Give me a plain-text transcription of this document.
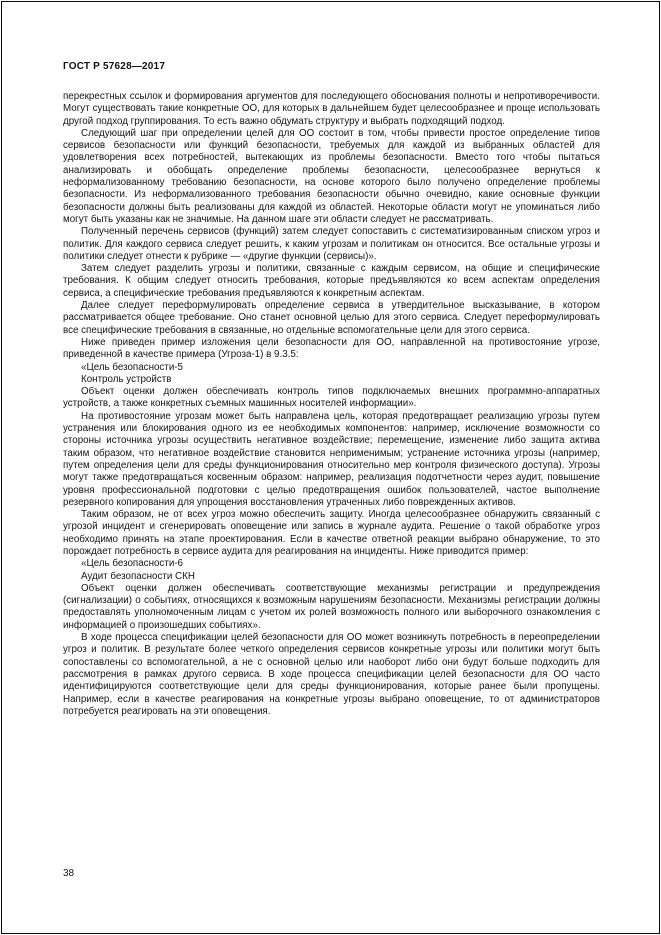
ГОСТ Р 57628—2017

перекрестных ссылок и формирования аргументов для последующего обоснования полноты и непротиворечивости. Могут существовать такие конкретные ОО, для которых в дальнейшем будет целесообразнее и проще использовать другой подход группирования. То есть важно обдумать структуру и выбрать подходящий подход.

Следующий шаг при определении целей для ОО состоит в том, чтобы привести простое определение типов сервисов безопасности или функций безопасности, требуемых для каждой из выбранных областей для удовлетворения всех потребностей, вытекающих из проблемы безопасности. Вместо того чтобы пытаться анализировать и обобщать определение проблемы безопасности, целесообразнее вернуться к неформализованному требованию безопасности, на основе которого было получено определение проблемы безопасности. Из неформализованного требования безопасности обычно очевидно, какие основные функции безопасности должны быть реализованы для каждой из областей. Некоторые области могут не упоминаться либо могут быть указаны как не значимые. На данном шаге эти области следует не рассматривать.

Полученный перечень сервисов (функций) затем следует сопоставить с систематизированным списком угроз и политик. Для каждого сервиса следует решить, к каким угрозам и политикам он относится. Все остальные угрозы и политики следует отнести к рубрике — «другие функции (сервисы)».

Затем следует разделить угрозы и политики, связанные с каждым сервисом, на общие и специфические требования. К общим следует относить требования, которые предъявляются ко всем аспектам определения сервиса, а специфические требования предъявляются к конкретным аспектам.

Далее следует переформулировать определение сервиса в утвердительное высказывание, в котором рассматривается общее требование. Оно станет основной целью для этого сервиса. Следует переформулировать все специфические требования в связанные, но отдельные вспомогательные цели для этого сервиса.

Ниже приведен пример изложения цели безопасности для ОО, направленной на противостояние угрозе, приведенной в качестве примера (Угроза-1) в 9.3.5:

«Цель безопасности-5

Контроль устройств

Объект оценки должен обеспечивать контроль типов подключаемых внешних программно-аппаратных устройств, а также конкретных съемных машинных носителей информации».

На противостояние угрозам может быть направлена цель, которая предотвращает реализацию угрозы путем устранения или блокирования одного из ее необходимых компонентов: например, исключение возможности со стороны источника угрозы осуществить негативное воздействие; перемещение, изменение либо защита актива таким образом, что негативное воздействие становится неприменимым; устранение источника угрозы (например, путем определения цели для среды функционирования относительно мер контроля физического доступа). Угрозы могут также предотвращаться косвенным образом: например, реализация подотчетности через аудит, повышение уровня профессиональной подготовки с целью предотвращения ошибок пользователей, частое выполнение резервного копирования для упрощения восстановления утраченных либо поврежденных активов.

Таким образом, не от всех угроз можно обеспечить защиту. Иногда целесообразнее обнаружить связанный с угрозой инцидент и сгенерировать оповещение или запись в журнале аудита. Решение о такой обработке угроз необходимо принять на этапе проектирования. Если в качестве ответной реакции выбрано обнаружение, то это порождает потребность в сервисе аудита для реагирования на инциденты. Ниже приводится пример:

«Цель безопасности-6

Аудит безопасности СКН

Объект оценки должен обеспечивать соответствующие механизмы регистрации и предупреждения (сигнализации) о событиях, относящихся к возможным нарушениям безопасности. Механизмы регистрации должны предоставлять уполномоченным лицам с учетом их ролей возможность полного или выборочного ознакомления с информацией о произошедших событиях».

В ходе процесса спецификации целей безопасности для ОО может возникнуть потребность в переопределении угроз и политик. В результате более четкого определения сервисов конкретные угрозы или политики могут быть сопоставлены со вспомогательной, а не с основной целью или наоборот либо они будут больше подходить для рассмотрения в рамках другого сервиса. В ходе процесса спецификации целей безопасности для ОО часто идентифицируются соответствующие цели для среды функционирования, которые ранее были пропущены. Например, если в качестве реагирования на конкретные угрозы выбрано оповещение, то от администраторов потребуется реагировать на эти оповещения.

38
